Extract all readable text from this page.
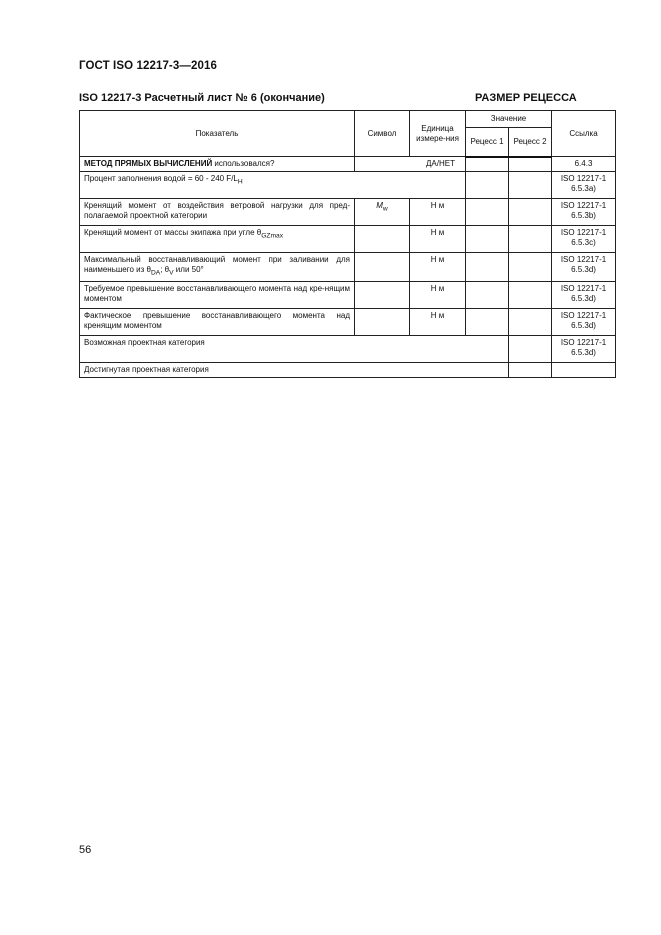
ГОСТ ISO 12217-3—2016
ISO 12217-3 Расчетный лист № 6 (окончание)	РАЗМЕР РЕЦЕССА
Показатель	Символ	Единица измере-ния	Значение		Ссылка
			Рецесс 1	Рецесс 2	
МЕТОД ПРЯМЫХ ВЫЧИСЛЕНИЙ использовался?	ДА/НЕТ				6.4.3
Процент заполнения водой = 60 - 240 $F/L_H$					ISO 12217-1 6.5.3a)
Кренящий момент от воздействия ветровой нагрузки для пред-полагаемой проектной категории	$M_w$	Н м			ISO 12217-1 6.5.3b)
Кренящий момент от массы экипажа при угле $\theta_{GZmax}$		Н м			ISO 12217-1 6.5.3c)
Максимальный восстанавливающий момент при заливании для наименьшего из $\theta_{DA}$; $\theta_V$ или 50°		Н м			ISO 12217-1 6.5.3d)
Требуемое превышение восстанавливающего момента над кре-нящим моментом		Н м			ISO 12217-1 6.5.3d)
Фактическое превышение восстанавливающего момента над кренящим моментом		Н м			ISO 12217-1 6.5.3d)
Возможная проектная категория					ISO 12217-1 6.5.3d)
Достигнутая проектная категория					
56
